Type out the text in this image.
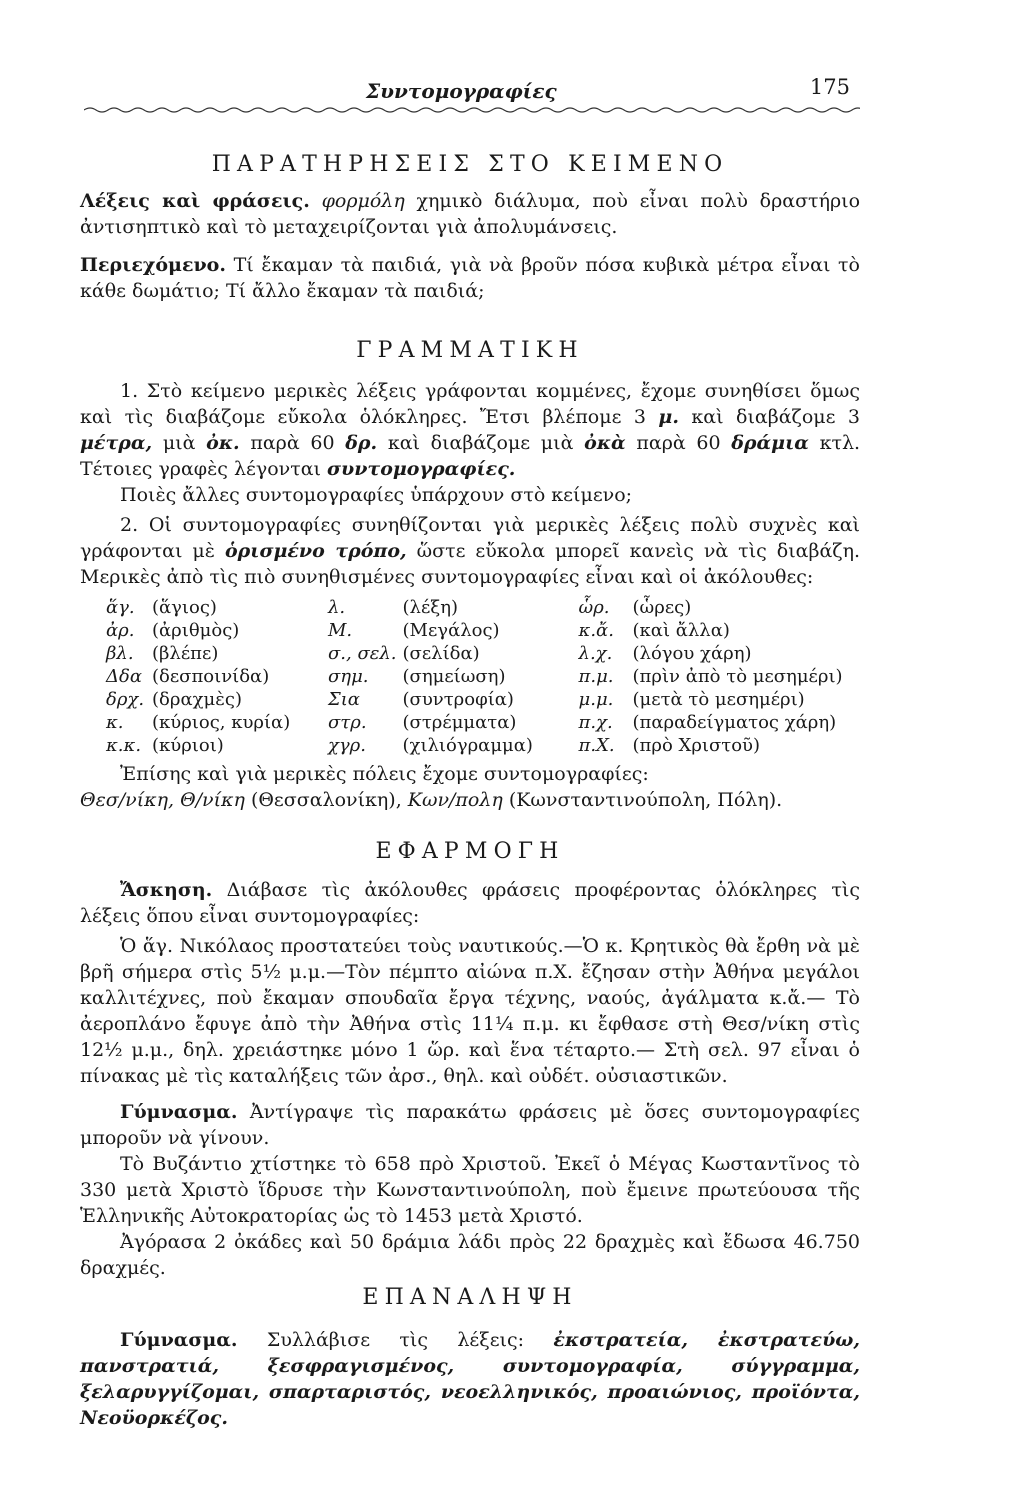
Συντομογραφίες	175
ΠΑΡΑΤΗΡΗΣΕΙΣ ΣΤΟ ΚΕΙΜΕΝΟ

Λέξεις καὶ φράσεις. φορμόλη χημικὸ διάλυμα, ποὺ εἶναι πολὺ δραστήριο ἀντισηπτικὸ καὶ τὸ μεταχειρίζονται γιὰ ἀπολυμάνσεις.

Περιεχόμενο. Τί ἔκαμαν τὰ παιδιά, γιὰ νὰ βροῦν πόσα κυβικὰ μέτρα εἶναι τὸ κάθε δωμάτιο; Τί ἄλλο ἔκαμαν τὰ παιδιά;

ΓΡΑΜΜΑΤΙΚΗ

1. Στὸ κείμενο μερικὲς λέξεις γράφονται κομμένες, ἔχομε συνηθίσει ὅμως καὶ τὶς διαβάζομε εὔκολα ὁλόκληρες. Ἔτσι βλέπομε 3 μ. καὶ διαβάζομε 3 μέτρα, μιὰ ὀκ. παρὰ 60 δρ. καὶ διαβάζομε μιὰ ὀκὰ παρὰ 60 δράμια κτλ. Τέτοιες γραφὲς λέγονται συντομογραφίες.

Ποιὲς ἄλλες συντομογραφίες ὑπάρχουν στὸ κείμενο;

2. Οἱ συντομογραφίες συνηθίζονται γιὰ μερικὲς λέξεις πολὺ συχνὲς καὶ γράφονται μὲ ὁρισμένο τρόπο, ὥστε εὔκολα μπορεῖ κανεὶς νὰ τὶς διαβάζη. Μερικὲς ἀπὸ τὶς πιὸ συνηθισμένες συντομογραφίες εἶναι καὶ οἱ ἀκόλουθες:

ἅγ.	(ἅγιος)	λ.	(λέξη)	ὧρ.	(ὧρες)
ἀρ.	(ἀριθμὸς)	Μ.	(Μεγάλος)	κ.ἄ.	(καὶ ἄλλα)
βλ.	(βλέπε)	σ., σελ.	(σελίδα)	λ.χ.	(λόγου χάρη)
Δδα	(δεσποινίδα)	σημ.	(σημείωση)	π.μ.	(πρὶν ἀπὸ τὸ μεσημέρι)
δρχ.	(δραχμὲς)	Σια	(συντροφία)	μ.μ.	(μετὰ τὸ μεσημέρι)
κ.	(κύριος, κυρία)	στρ.	(στρέμματα)	π.χ.	(παραδείγματος χάρη)
κ.κ.	(κύριοι)	χγρ.	(χιλιόγραμμα)	π.Χ.	(πρὸ Χριστοῦ)

Ἐπίσης καὶ γιὰ μερικὲς πόλεις ἔχομε συντομογραφίες:

Θεσ/νίκη, Θ/νίκη (Θεσσαλονίκη), Κων/πολη (Κωνσταντινούπολη, Πόλη).

ΕΦΑΡΜΟΓΗ

Ἄσκηση. Διάβασε τὶς ἀκόλουθες φράσεις προφέροντας ὁλόκληρες τὶς λέξεις ὅπου εἶναι συντομογραφίες:

Ὁ ἅγ. Νικόλαος προστατεύει τοὺς ναυτικούς.—Ὁ κ. Κρητικὸς θὰ ἔρθη νὰ μὲ βρῆ σήμερα στὶς 5½ μ.μ.—Τὸν πέμπτο αἰώνα π.Χ. ἔζησαν στὴν Ἀθήνα μεγάλοι καλλιτέχνες, ποὺ ἔκαμαν σπουδαῖα ἔργα τέχνης, ναούς, ἀγάλματα κ.ἄ.— Τὸ ἀεροπλάνο ἔφυγε ἀπὸ τὴν Ἀθήνα στὶς 11¼ π.μ. κι ἔφθασε στὴ Θεσ/νίκη στὶς 12½ μ.μ., δηλ. χρειάστηκε μόνο 1 ὥρ. καὶ ἕνα τέταρτο.— Στὴ σελ. 97 εἶναι ὁ πίνακας μὲ τὶς καταλήξεις τῶν ἀρσ., θηλ. καὶ οὐδέτ. οὐσιαστικῶν.

Γύμνασμα. Ἀντίγραψε τὶς παρακάτω φράσεις μὲ ὅσες συντομογραφίες μποροῦν νὰ γίνουν.

Τὸ Βυζάντιο χτίστηκε τὸ 658 πρὸ Χριστοῦ. Ἐκεῖ ὁ Μέγας Κωσταντῖνος τὸ 330 μετὰ Χριστὸ ἵδρυσε τὴν Κωνσταντινούπολη, ποὺ ἔμεινε πρωτεύουσα τῆς Ἑλληνικῆς Αὐτοκρατορίας ὡς τὸ 1453 μετὰ Χριστό.

Ἀγόρασα 2 ὀκάδες καὶ 50 δράμια λάδι πρὸς 22 δραχμὲς καὶ ἔδωσα 46.750 δραχμές.

ΕΠΑΝΑΛΗΨΗ

Γύμνασμα. Συλλάβισε τὶς λέξεις: ἐκστρατεία, ἐκστρατεύω, πανστρατιά, ξεσφραγισμένος, συντομογραφία, σύγγραμμα, ξελαρυγγίζομαι, σπαρταριστός, νεοελληνικός, προαιώνιος, προϊόντα, Νεοϋορκέζος.
